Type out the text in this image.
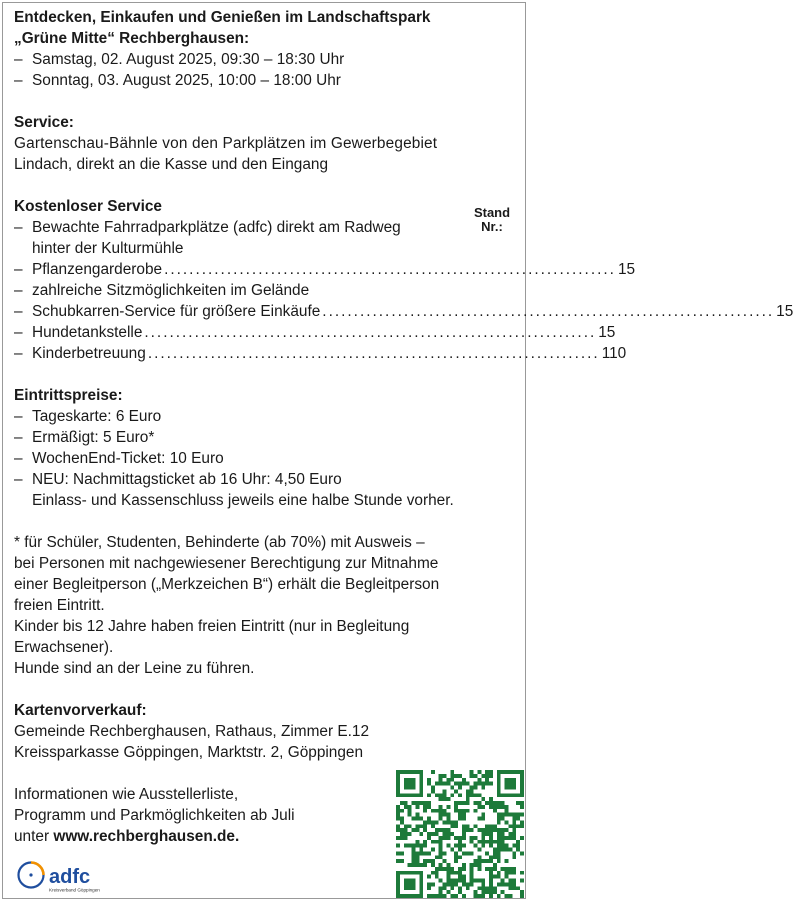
Entdecken, Einkaufen und Genießen im Landschaftspark
„Grüne Mitte“ Rechberghausen:
– Samstag, 02. August 2025, 09:30 – 18:30 Uhr
– Sonntag, 03. August 2025, 10:00 – 18:00 Uhr
Service:
Gartenschau-Bähnle von den Parkplätzen im Gewerbegebiet
Lindach, direkt an die Kasse und den Eingang
Kostenloser Service	Stand
Nr.:
– Bewachte Fahrradparkplätze (adfc) direkt am Radweg
hinter der Kulturmühle
– Pflanzengarderobe ........................................................................ 15
– zahlreiche Sitzmöglichkeiten im Gelände
– Schubkarren-Service für größere Einkäufe ........................................................................ 15
– Hundetankstelle ........................................................................ 15
– Kinderbetreuung ........................................................................ 110
Eintrittspreise:
– Tageskarte: 6 Euro
– Ermäßigt: 5 Euro*
– WochenEnd-Ticket: 10 Euro
– NEU: Nachmittagsticket ab 16 Uhr: 4,50 Euro
Einlass- und Kassenschluss jeweils eine halbe Stunde vorher.
* für Schüler, Studenten, Behinderte (ab 70%) mit Ausweis –
bei Personen mit nachgewiesener Berechtigung zur Mitnahme
einer Begleitperson („Merkzeichen B“) erhält die Begleitperson
freien Eintritt.
Kinder bis 12 Jahre haben freien Eintritt (nur in Begleitung
Erwachsener).
Hunde sind an der Leine zu führen.
Kartenvorverkauf:
Gemeinde Rechberghausen, Rathaus, Zimmer E.12
Kreissparkasse Göppingen, Marktstr. 2, Göppingen
Informationen wie Ausstellerliste,
Programm und Parkmöglichkeiten ab Juli
unter www.rechberghausen.de.
adfc
Kreisverband Göppingen
